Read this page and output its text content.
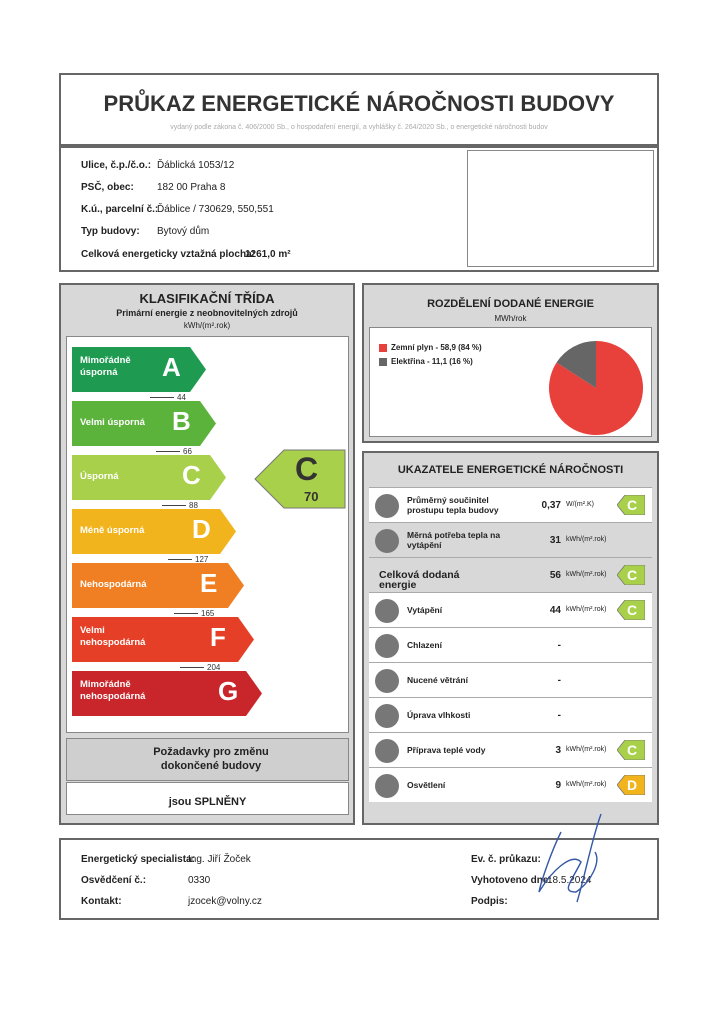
PRŮKAZ ENERGETICKÉ NÁROČNOSTI BUDOVY
vydaný podle zákona č. 406/2000 Sb., o hospodaření energií, a vyhlášky č. 264/2020 Sb., o energetické náročnosti budov
Ulice, č.p./č.o.: Ďáblická 1053/12
PSČ, obec: 182 00 Praha 8
K.ú., parcelní č.:
Ďáblice / 730629, 550,551
Typ budovy: Bytový dům
Celková energeticky vztažná plocha:
1261,0 m²
KLASIFIKAČNÍ TŘÍDA
Primární energie z neobnovitelných zdrojů
kWh/(m².rok)
C
70
Požadavky pro změnu dokončené budovy
jsou SPLNĚNY
ROZDĚLENÍ DODANÉ ENERGIE
MWh/rok
Zemní plyn - 58,9 (84 %)
Elektřina - 11,1 (16 %)
UKAZATELE ENERGETICKÉ NÁROČNOSTI
Energetický specialista:
Ing. Jiří Žoček
Osvědčení č.:	0330
Kontakt:	jzocek@volny.cz
Ev. č. průkazu:
Vyhotoveno dne:
18.5.2024
Podpis:
Mimořádně úsporná	A
Velmi úsporná	B
Úsporná	C
Méně úsporná	D
Nehospodárná	E
Velmi nehospodárná	F
Mimořádně nehospodárná	G
44
66
88
127
165
204
Průměrný součinitel prostupu tepla budovy	0,37 W/(m².K) C
Měrná potřeba tepla na vytápění	31 kWh/(m².rok)
Celková dodaná energie
56 kWh/(m².rok) C
Vytápění	44 kWh/(m².rok) C
Chlazení	-
Nucené větrání	-
Úprava vlhkosti	-
Příprava teplé vody	3 kWh/(m².rok) C
Osvětlení	9 kWh/(m².rok) D
